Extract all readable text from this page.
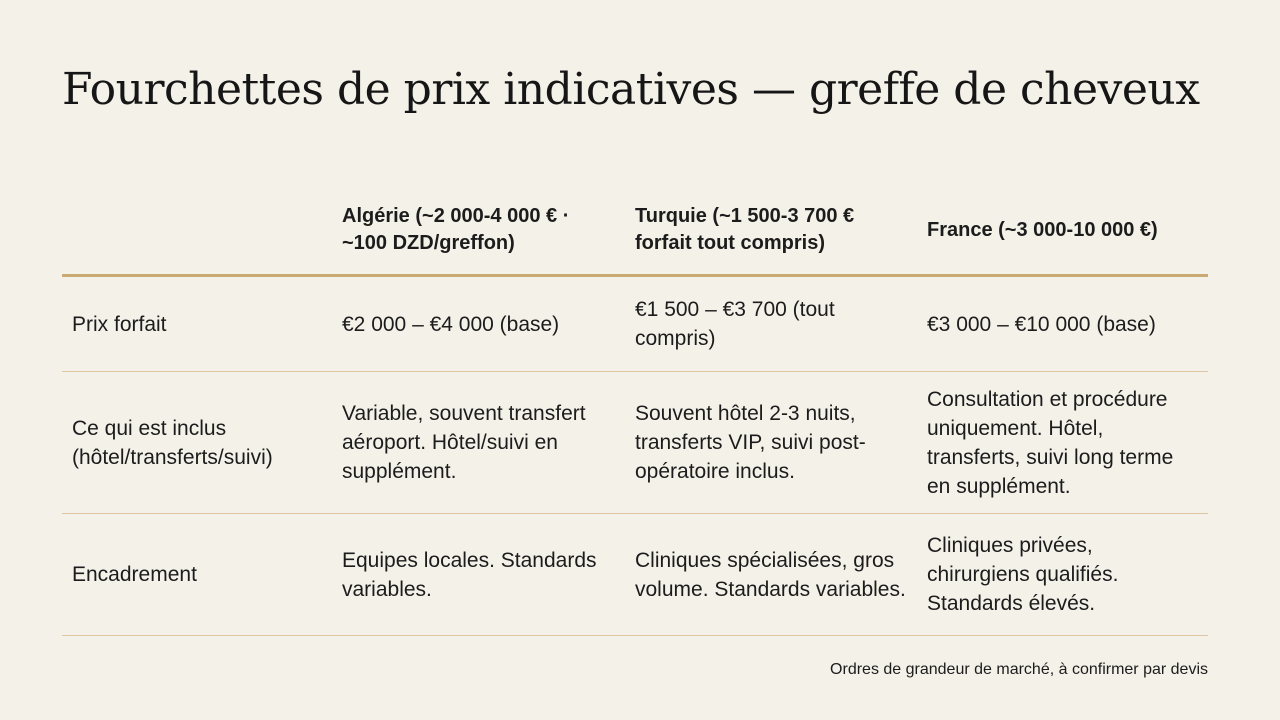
Fourchettes de prix indicatives — greffe de cheveux
	Algérie (~2 000-4 000 € · ~100 DZD/greffon)	Turquie (~1 500-3 700 € forfait tout compris)	France (~3 000-10 000 €)
Prix forfait	€2 000 – €4 000 (base)	€1 500 – €3 700 (tout compris)	€3 000 – €10 000 (base)
Ce qui est inclus (hôtel/transferts/suivi)	Variable, souvent transfert aéroport. Hôtel/suivi en supplément.	Souvent hôtel 2-3 nuits, transferts VIP, suivi post-opératoire inclus.	Consultation et procédure uniquement. Hôtel, transferts, suivi long terme en supplément.
Encadrement	Equipes locales. Standards variables.	Cliniques spécialisées, gros volume. Standards variables.	Cliniques privées, chirurgiens qualifiés. Standards élevés.
Ordres de grandeur de marché, à confirmer par devis
